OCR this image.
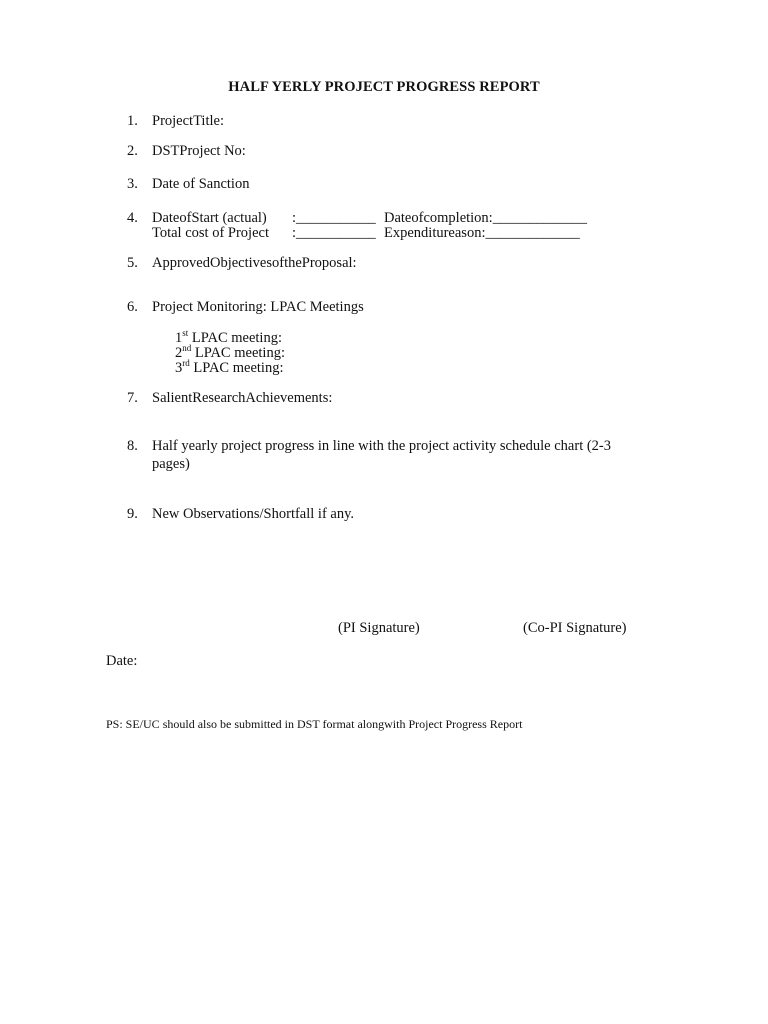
HALF YERLY PROJECT PROGRESS REPORT
1. ProjectTitle:
2. DSTProject No:
3. Date of Sanction
4. DateofStart (actual) :___________ Dateofcompletion:_____________
Total cost of Project :___________ Expenditureason:_____________
5. ApprovedObjectivesoftheProposal:
6. Project Monitoring: LPAC Meetings
1st LPAC meeting:
2nd LPAC meeting:
3rd LPAC meeting:
7. SalientResearchAchievements:
8. Half yearly project progress in line with the project activity schedule chart (2-3 pages)
9. New Observations/Shortfall if any.
(PI Signature)	(Co-PI Signature)
Date:
PS: SE/UC should also be submitted in DST format alongwith Project Progress Report
